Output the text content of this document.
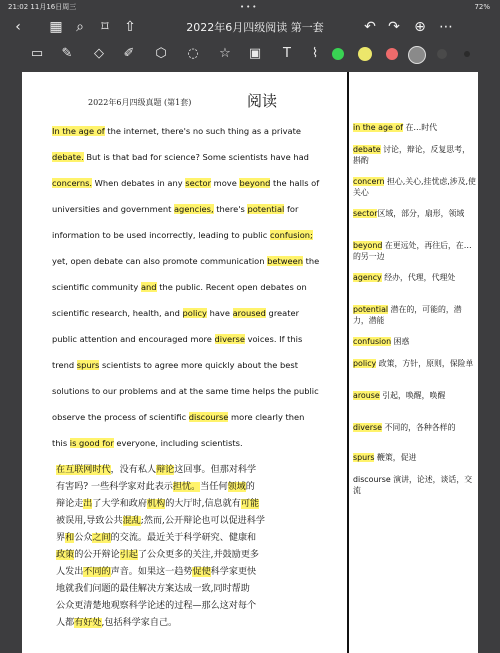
21:02 11月16日周三	•••	72%
‹	▦ ⌕	⌑	⇧	2022年6月四级阅读 第一套	↶ ↷ ⊕ ⋯
▭ ✎	◇	✐ ⬡ ◌ ☆ ▣	T	⌇
2022年6月四级真题 (第1套)	阅读
In the age of the internet, there's no such thing as a private
debate. But is that bad for science? Some scientists have had
concerns. When debates in any sector move beyond the halls of
universities and government agencies, there's potential for
information to be used incorrectly, leading to public confusion;
yet, open debate can also promote communication between the
scientific community and the public. Recent open debates on
scientific research, health, and policy have aroused greater
public attention and encouraged more diverse voices. If this
trend spurs scientists to agree more quickly about the best
solutions to our problems and at the same time helps the public
observe the process of scientific discourse more clearly then
this is good for everyone, including scientists.
在互联网时代，没有私人辩论这回事。但那对科学
有害吗? 一些科学家对此表示担忧。当任何领域的
辩论走出了大学和政府机构的大厅时,信息就有可能
被误用,导致公共混乱;然而,公开辩论也可以促进科学
界和公众之间的交流。最近关于科学研究、健康和
政策的公开辩论引起了公众更多的关注,并鼓励更多
人发出不同的声音。如果这一趋势促使科学家更快
地就我们问题的最佳解决方案达成一致,同时帮助
公众更清楚地观察科学论述的过程—那么这对每个
人都有好处,包括科学家自己。
in the age of 在…时代
debate 讨论，辩论，反复思考，斟酌
concern 担心,关心,挂忧虑,涉及,使关心
sector区域，部分，扇形，领域
beyond 在更远处，再往后，在…的另一边
agency 经办，代理，代理处
potential 潜在的，可能的，潜力，潜能
confusion 困惑
policy 政策，方针，原则，保险单
arouse 引起，唤醒，唤醒
diverse 不同的，各种各样的
spurs 鞭策，促进
discourse 演讲，论述，谈话，交流
